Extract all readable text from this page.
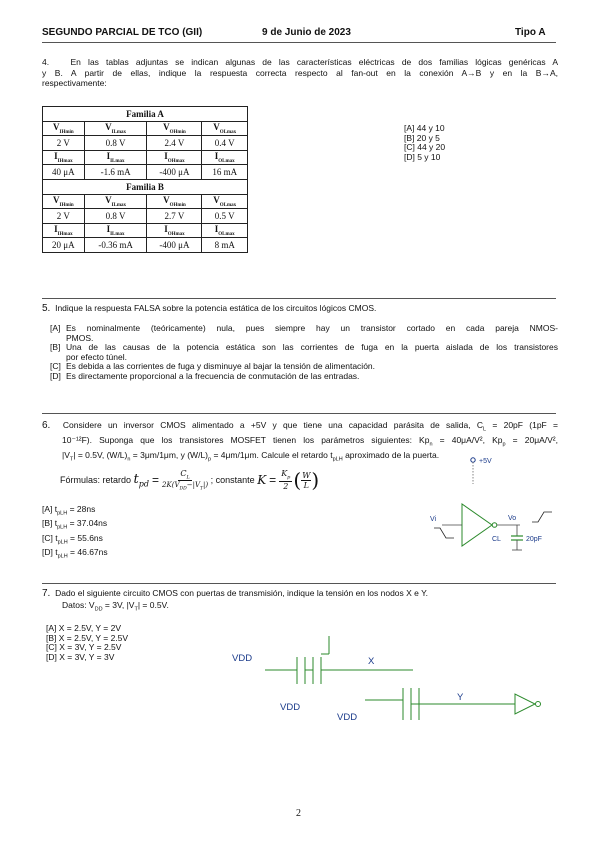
SEGUNDO PARCIAL DE TCO (GII)	9 de Junio de 2023	Tipo A
4.	En las tablas adjuntas se indican algunas de las características eléctricas de dos familias lógicas genéricas A
y B. A partir de ellas, indique la respuesta correcta respecto al fan-out en la conexión A→B y en la B→A,
respectivamente:
Familia A			
$V_{IHmin}$	$V_{ILmax}$	$V_{OHmin}$	$V_{OLmax}$
2 V	0.8 V	2.4 V	0.4 V
$I_{IHmax}$	$I_{ILmax}$	$I_{OHmax}$	$I_{OLmax}$
40 μA	-1.6 mA	-400 μA	16 mA
Familia B			
$V_{IHmin}$	$V_{ILmax}$	$V_{OHmin}$	$V_{OLmax}$
2 V	0.8 V	2.7 V	0.5 V
$I_{IHmax}$	$I_{ILmax}$	$I_{OHmax}$	$I_{OLmax}$
20 μA	-0.36 mA	-400 μA	8 mA
[A] 44 y 10
[B] 20 y 5
[C] 44 y 20
[D] 5 y 10
5. Indique la respuesta FALSA sobre la potencia estática de los circuitos lógicos CMOS.
[A] Es nominalmente (teóricamente) nula, pues siempre hay un transistor cortado en cada pareja NMOS-
PMOS.
[B] Una de las causas de la potencia estática son las corrientes de fuga en la puerta aislada de los transistores
por efecto túnel.
[C] Es debida a las corrientes de fuga y disminuye al bajar la tensión de alimentación.
[D] Es directamente proporcional a la frecuencia de conmutación de las entradas.
6. Considere un inversor CMOS alimentado a +5V y que tiene una capacidad parásita de salida, $C_L = 20pF$ (1pF =
10⁻¹²F). Suponga que los transistores MOSFET tienen los parámetros siguientes: $Kp_n = 40\mu A/V^2$, $Kp_p = 20\mu A/V^2$,
$|V_T| = 0.5V$, $(W/L)_n = 3\mu m/1\mu m$, y $(W/L)_p = 4\mu m/1\mu m$. Calcule el retardo $t_{pLH}$ aproximado de la puerta.
Fórmulas: retardo
$t_{pd}$ =	$C_L$
$2K(V_{DD}-|V_T|)$

; constante
$K = \frac{K_p}{2}$ ( W
L )
[A] $t_{pLH} = 28ns$
[B] $t_{pLH} = 37.04ns$
[C] $t_{pLH} = 55.6ns$
[D] $t_{pLH} = 46.67ns$
+5V
Vi	Vo
CL	20pF
7. Dado el siguiente circuito CMOS con puertas de transmisión, indique la tensión en los nodos X e Y.
Datos: $V_{DD} = 3V$, $|V_T| = 0.5V$.
[A] X = 2.5V, Y = 2V
[B] X = 2.5V, Y = 2.5V
[C] X = 3V, Y = 2.5V
[D] X = 3V, Y = 3V	VDD	X
VDD
VDD
Y
2
